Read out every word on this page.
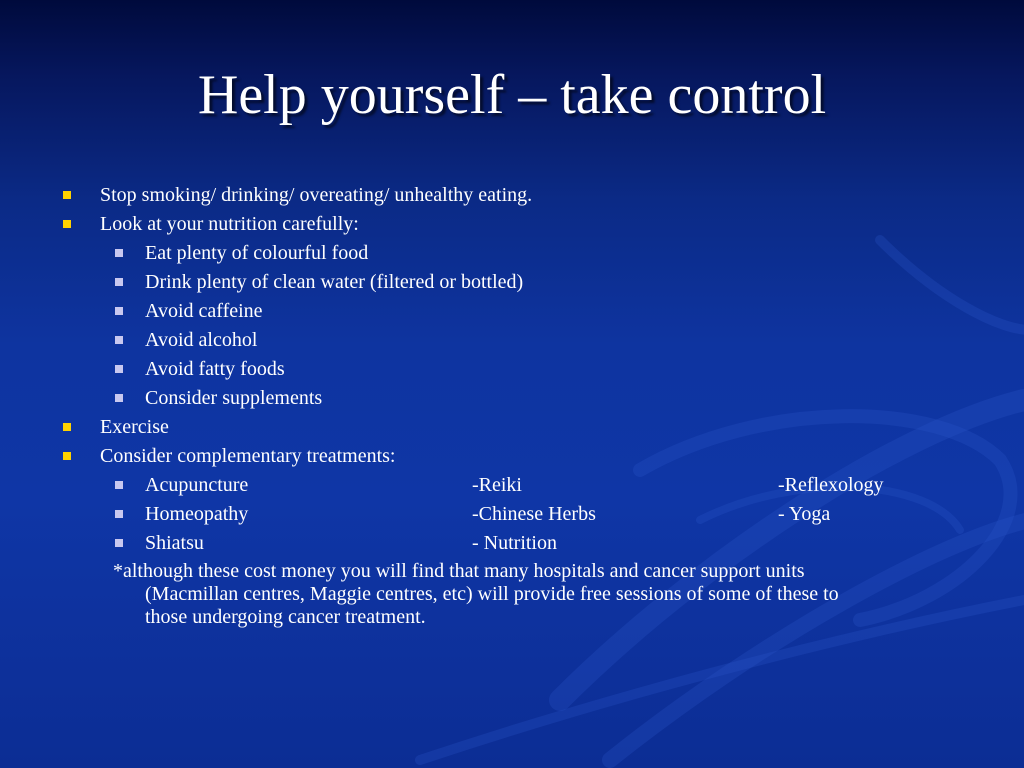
Help yourself – take control
Stop smoking/ drinking/ overeating/ unhealthy eating.
Look at your nutrition carefully:
Eat plenty of colourful food
Drink plenty of clean water (filtered or bottled)
Avoid caffeine
Avoid alcohol
Avoid fatty foods
Consider supplements
Exercise
Consider complementary treatments:
Acupuncture	-Reiki	-Reflexology
Homeopathy	-Chinese Herbs	- Yoga
Shiatsu	- Nutrition
*although these cost money you will find that many hospitals and cancer support units
(Macmillan centres, Maggie centres, etc) will provide free sessions of some of these to
those undergoing cancer treatment.
